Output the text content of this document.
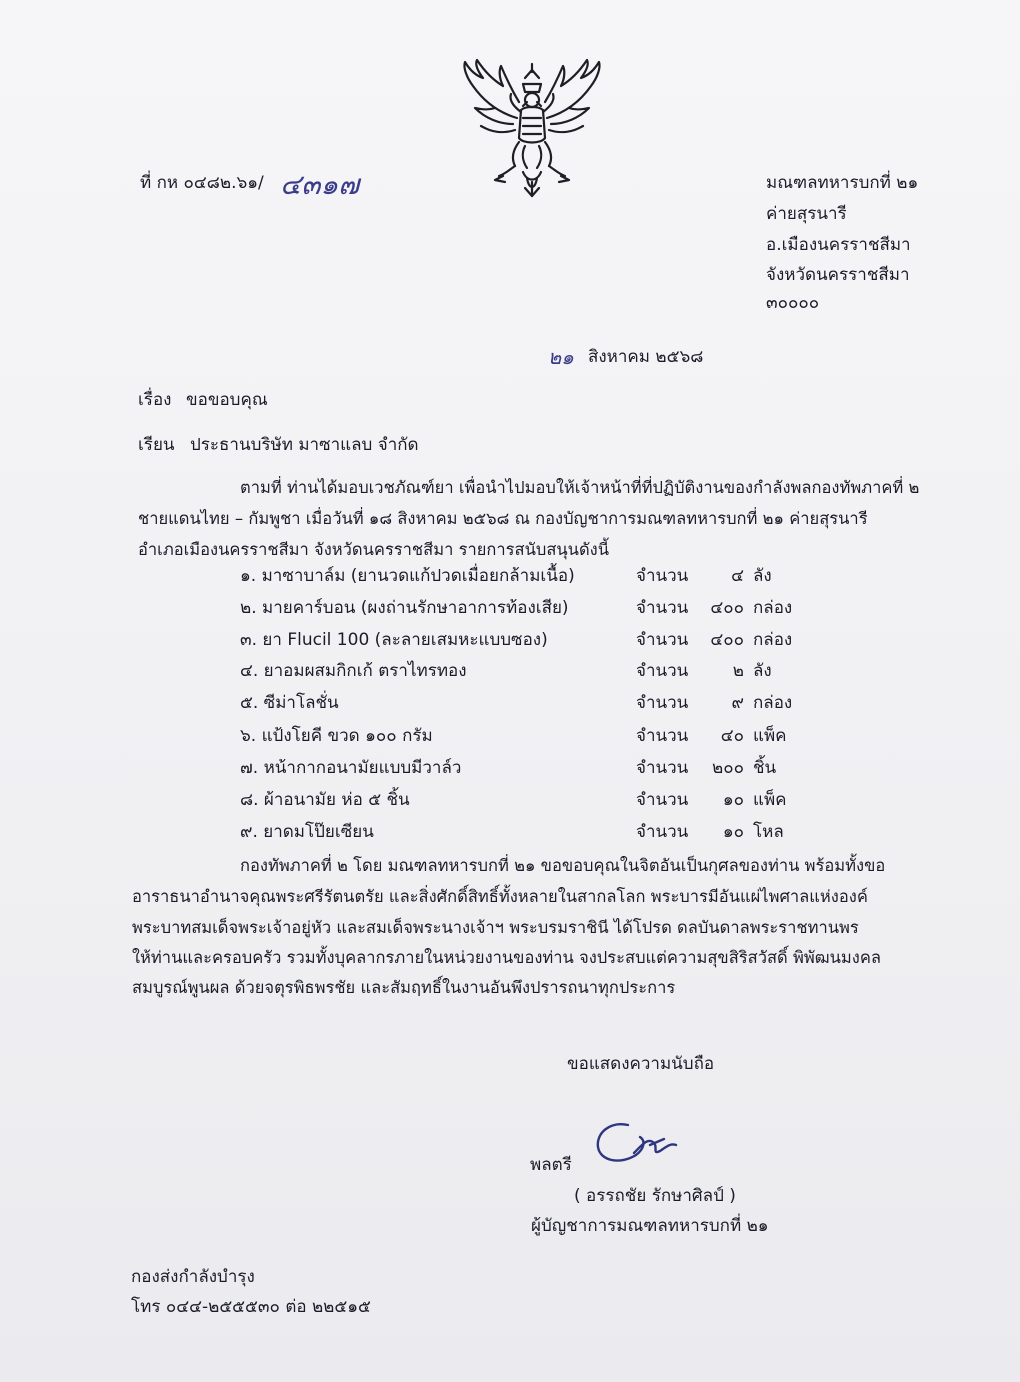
ที่ กห ๐๔๘๒.๖๑/ ๔๓๑๗	มณฑลทหารบกที่ ๒๑
ค่ายสุรนารี
อ.เมืองนครราชสีมา
จังหวัดนครราชสีมา
๓๐๐๐๐
๒๑ สิงหาคม ๒๕๖๘
เรื่อง ขอขอบคุณ
เรียน ประธานบริษัท มาซาแลบ จำกัด
ตามที่ ท่านได้มอบเวชภัณฑ์ยา เพื่อนำไปมอบให้เจ้าหน้าที่ที่ปฏิบัติงานของกำลังพลกองทัพภาคที่ ๒
ชายแดนไทย – กัมพูชา เมื่อวันที่ ๑๘ สิงหาคม ๒๕๖๘ ณ กองบัญชาการมณฑลทหารบกที่ ๒๑ ค่ายสุรนารี
อำเภอเมืองนครราชสีมา จังหวัดนครราชสีมา รายการสนับสนุนดังนี้
๑. มาซาบาล์ม (ยานวดแก้ปวดเมื่อยกล้ามเนื้อ)	จำนวน	๔ ลัง
๒. มายคาร์บอน (ผงถ่านรักษาอาการท้องเสีย)	จำนวน	๔๐๐ กล่อง
๓. ยา Flucil 100 (ละลายเสมหะแบบซอง)	จำนวน	๔๐๐ กล่อง
๔. ยาอมผสมกิกเก้ ตราไทรทอง	จำนวน	๒ ลัง
๕. ซีม่าโลชั่น	จำนวน	๙ กล่อง
๖. แป้งโยคี ขวด ๑๐๐ กรัม	จำนวน	๔๐ แพ็ค
๗. หน้ากากอนามัยแบบมีวาล์ว	จำนวน	๒๐๐ ชิ้น
๘. ผ้าอนามัย ห่อ ๕ ชิ้น	จำนวน	๑๐ แพ็ค
๙. ยาดมโป๊ยเซียน	จำนวน	๑๐ โหล
กองทัพภาคที่ ๒ โดย มณฑลทหารบกที่ ๒๑ ขอขอบคุณในจิตอันเป็นกุศลของท่าน พร้อมทั้งขอ
อาราธนาอำนาจคุณพระศรีรัตนตรัย และสิ่งศักดิ์สิทธิ์ทั้งหลายในสากลโลก พระบารมีอันแผ่ไพศาลแห่งองค์
พระบาทสมเด็จพระเจ้าอยู่หัว และสมเด็จพระนางเจ้าฯ พระบรมราชินี ได้โปรด ดลบันดาลพระราชทานพร
ให้ท่านและครอบครัว รวมทั้งบุคลากรภายในหน่วยงานของท่าน จงประสบแต่ความสุขสิริสวัสดิ์ พิพัฒนมงคล
สมบูรณ์พูนผล ด้วยจตุรพิธพรชัย และสัมฤทธิ์ในงานอันพึงปรารถนาทุกประการ
ขอแสดงความนับถือ
พลตรี
( อรรถชัย รักษาศิลป์ )
ผู้บัญชาการมณฑลทหารบกที่ ๒๑
กองส่งกำลังบำรุง
โทร ๐๔๔-๒๕๕๕๓๐ ต่อ ๒๒๕๑๕
